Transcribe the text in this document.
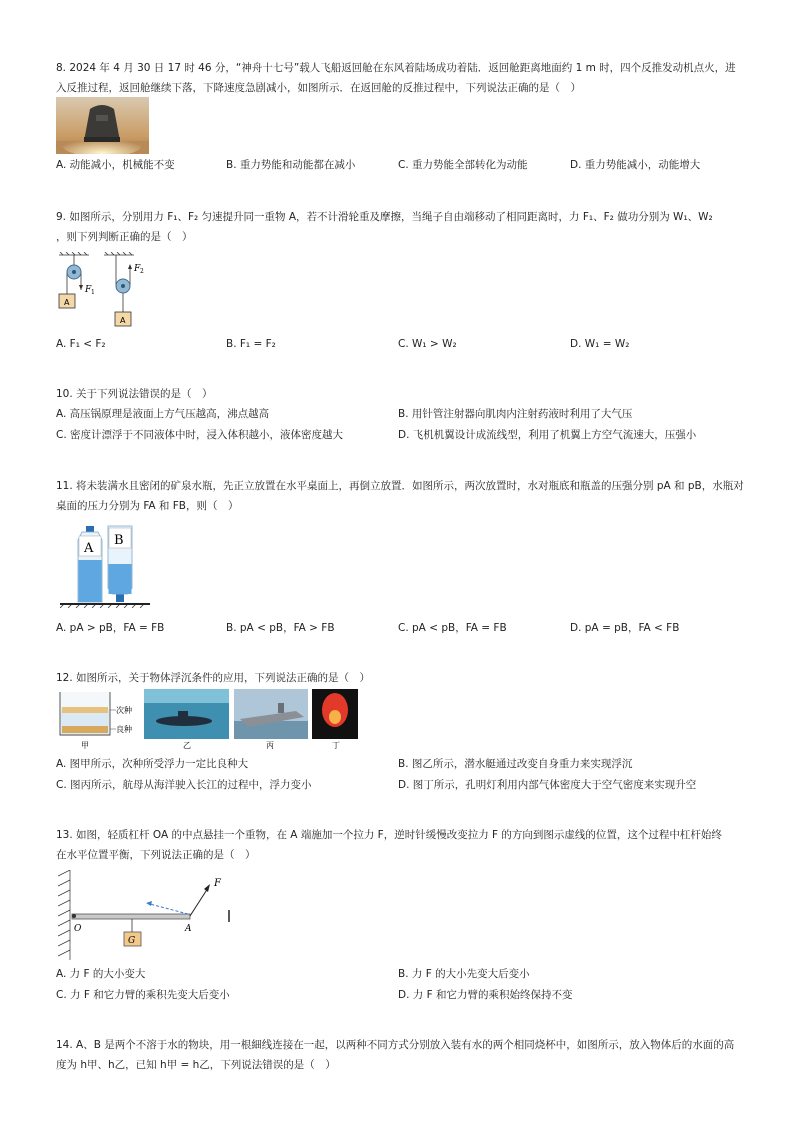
8. 2024 年 4 月 30 日 17 时 46 分，“神舟十七号”载人飞船返回舱在东风着陆场成功着陆．返回舱距离地面约 1 m 时，四个反推发动机点火，进
入反推过程，返回舱继续下落，下降速度急剧减小，如图所示．在返回舱的反推过程中，下列说法正确的是（　）
A. 动能减小，机械能不变	B. 重力势能和动能都在减小	C. 重力势能全部转化为动能	D. 重力势能减小，动能增大
9. 如图所示，分别用力 F₁、F₂ 匀速提升同一重物 A，若不计滑轮重及摩擦，当绳子自由端移动了相同距离时，力 F₁、F₂ 做功分别为 W₁、W₂
，则下列判断正确的是（　）
F 1
A
F 2
A
A. F₁ < F₂	B. F₁ = F₂	C. W₁ > W₂	D. W₁ = W₂
10. 关于下列说法错误的是（　）
A. 高压锅原理是液面上方气压越高，沸点越高	B. 用针管注射器向肌肉内注射药液时利用了大气压
C. 密度计漂浮于不同液体中时，浸入体积越小，液体密度越大	D. 飞机机翼设计成流线型，利用了机翼上方空气流速大，压强小
11. 将未装满水且密闭的矿泉水瓶，先正立放置在水平桌面上，再倒立放置．如图所示，两次放置时，水对瓶底和瓶盖的压强分别 pA 和 pB，水瓶对
桌面的压力分别为 FA 和 FB，则（　）
A
B
A. pA > pB，FA = FB	B. pA < pB，FA > FB	C. pA < pB，FA = FB	D. pA = pB，FA < FB
12. 如图所示，关于物体浮沉条件的应用，下列说法正确的是（　）
次种
良种
甲	乙	丙	丁
A. 图甲所示，次种所受浮力一定比良种大	B. 图乙所示，潜水艇通过改变自身重力来实现浮沉
C. 图丙所示，航母从海洋驶入长江的过程中，浮力变小	D. 图丁所示，孔明灯利用内部气体密度大于空气密度来实现升空
13. 如图，轻质杠杆 OA 的中点悬挂一个重物，在 A 端施加一个拉力 F，逆时针缓慢改变拉力 F 的方向到图示虚线的位置，这个过程中杠杆始终
在水平位置平衡，下列说法正确的是（　）
G
F
O	A
A. 力 F 的大小变大	B. 力 F 的大小先变大后变小
C. 力 F 和它力臂的乘积先变大后变小	D. 力 F 和它力臂的乘积始终保持不变
14. A、B 是两个不溶于水的物块，用一根細线连接在一起，以两种不同方式分别放入装有水的两个相同烧杯中，如图所示，放入物体后的水面的高
度为 h甲、h乙，已知 h甲 = h乙，下列说法错误的是（　）
